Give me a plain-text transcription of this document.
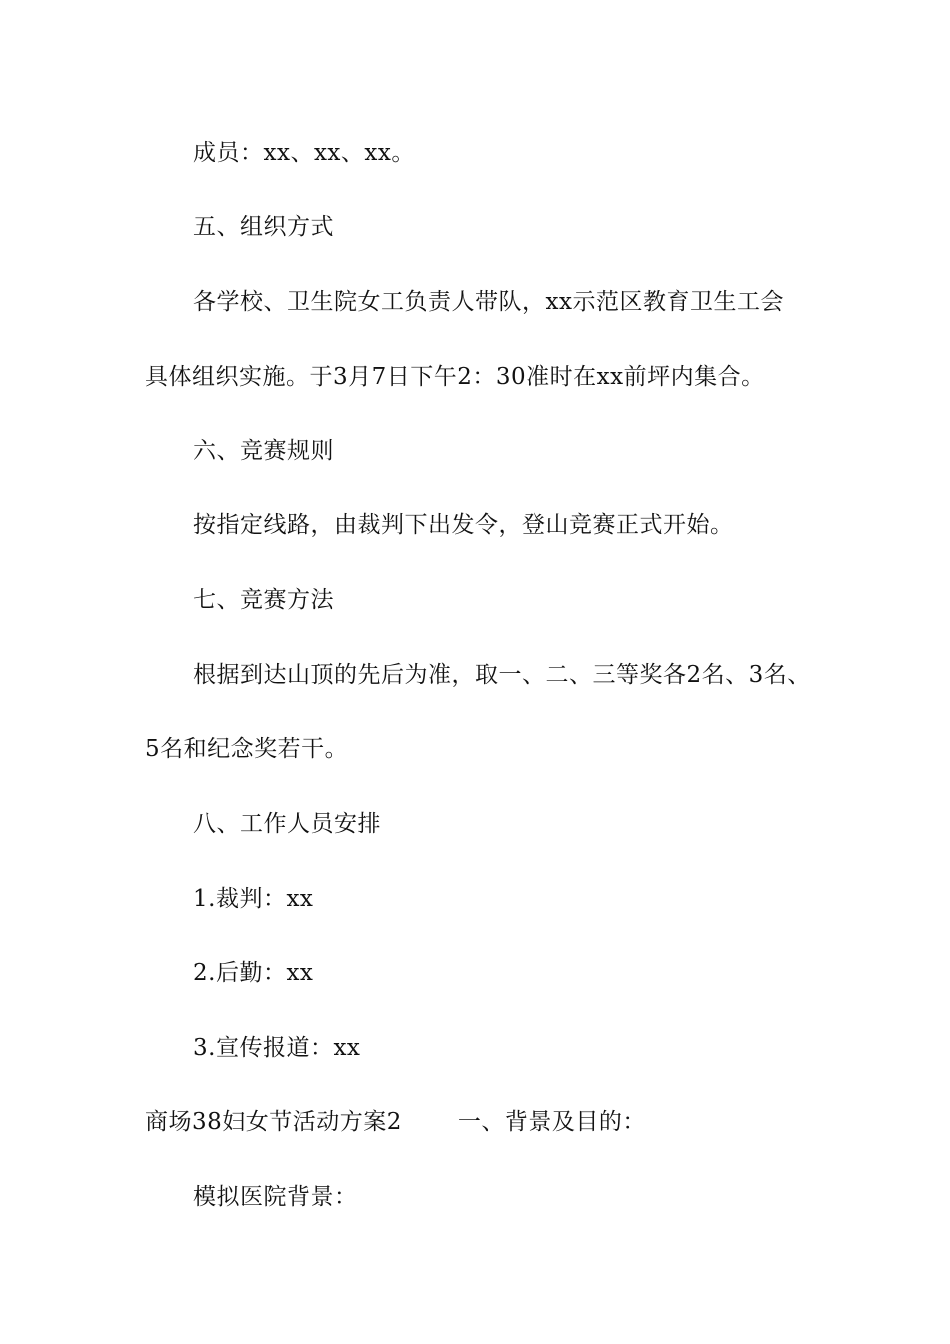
成员：xx、xx、xx。
五、组织方式
各学校、卫生院女工负责人带队，xx示范区教育卫生工会
具体组织实施。于3月7日下午2：30准时在xx前坪内集合。
六、竞赛规则
按指定线路，由裁判下出发令，登山竞赛正式开始。
七、竞赛方法
根据到达山顶的先后为准，取一、二、三等奖各2名、3名、
5名和纪念奖若干。
八、工作人员安排
1.裁判：xx
2.后勤：xx
3.宣传报道：xx
商场38妇女节活动方案2 一、背景及目的：
模拟医院背景：
